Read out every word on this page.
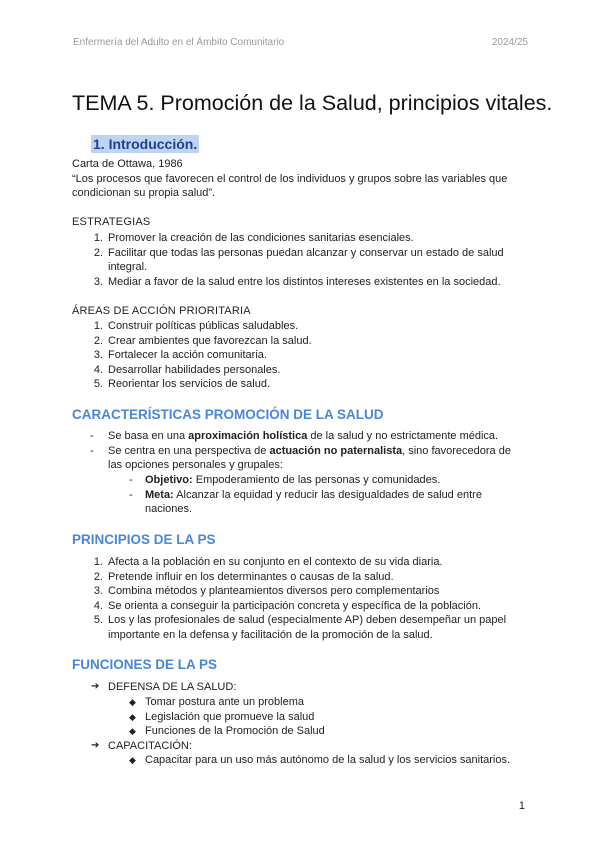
Enfermería del Adulto en el Ámbito Comunitario	2024/25
TEMA 5. Promoción de la Salud, principios vitales.
1. Introducción.
Carta de Ottawa, 1986
“Los procesos que favorecen el control de los individuos y grupos sobre las variables que
condicionan su propia salud”.
ESTRATEGIAS
1. Promover la creación de las condiciones sanitarias esenciales.
2. Facilitar que todas las personas puedan alcanzar y conservar un estado de salud
integral.
3. Mediar a favor de la salud entre los distintos intereses existentes en la sociedad.
ÁREAS DE ACCIÓN PRIORITARIA
1. Construir políticas públicas saludables.
2. Crear ambientes que favorezcan la salud.
3. Fortalecer la acción comunitaria.
4. Desarrollar habilidades personales.
5. Reorientar los servicios de salud.
CARACTERÍSTICAS PROMOCIÓN DE LA SALUD
- Se basa en una aproximación holística de la salud y no estrictamente médica.
- Se centra en una perspectiva de actuación no paternalista, sino favorecedora de
las opciones personales y grupales:
- Objetivo: Empoderamiento de las personas y comunidades.
- Meta: Alcanzar la equidad y reducir las desigualdades de salud entre
naciones.
PRINCIPIOS DE LA PS
1. Afecta a la población en su conjunto en el contexto de su vida diaria.
2. Pretende influir en los determinantes o causas de la salud.
3. Combina métodos y planteamientos diversos pero complementarios
4. Se orienta a conseguir la participación concreta y específica de la población.
5. Los y las profesionales de salud (especialmente AP) deben desempeñar un papel
importante en la defensa y facilitación de la promoción de la salud.
FUNCIONES DE LA PS
➔ DEFENSA DE LA SALUD:
◆ Tomar postura ante un problema
◆ Legislación que promueve la salud
◆ Funciones de la Promoción de Salud
➔ CAPACITACIÓN:
◆ Capacitar para un uso más autónomo de la salud y los servicios sanitarios.
1
